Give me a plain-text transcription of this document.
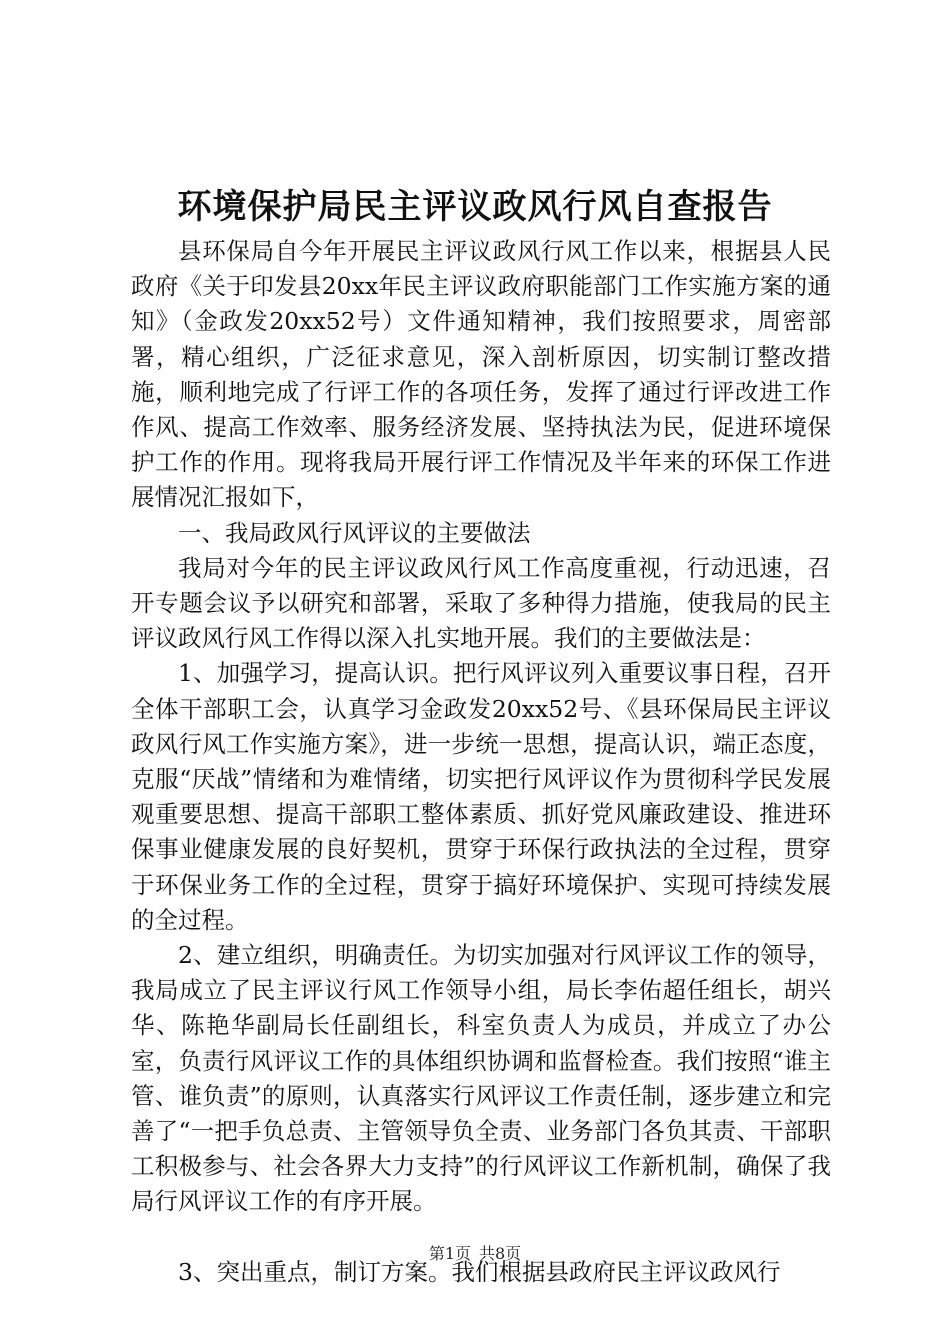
环境保护局民主评议政风行风自查报告

县环保局自今年开展民主评议政风行风工作以来，根据县人民政府《关于印发县20xx年民主评议政府职能部门工作实施方案的通知》（金政发20xx52号）文件通知精神，我们按照要求，周密部署，精心组织，广泛征求意见，深入剖析原因，切实制订整改措施，顺利地完成了行评工作的各项任务，发挥了通过行评改进工作作风、提高工作效率、服务经济发展、坚持执法为民，促进环境保护工作的作用。现将我局开展行评工作情况及半年来的环保工作进展情况汇报如下，

一、我局政风行风评议的主要做法

我局对今年的民主评议政风行风工作高度重视，行动迅速，召开专题会议予以研究和部署，采取了多种得力措施，使我局的民主评议政风行风工作得以深入扎实地开展。我们的主要做法是：

1、加强学习，提高认识。把行风评议列入重要议事日程，召开全体干部职工会，认真学习金政发20xx52号、《县环保局民主评议政风行风工作实施方案》，进一步统一思想，提高认识，端正态度，克服“厌战”情绪和为难情绪，切实把行风评议作为贯彻科学民发展观重要思想、提高干部职工整体素质、抓好党风廉政建设、推进环保事业健康发展的良好契机，贯穿于环保行政执法的全过程，贯穿于环保业务工作的全过程，贯穿于搞好环境保护、实现可持续发展的全过程。

2、建立组织，明确责任。为切实加强对行风评议工作的领导，我局成立了民主评议行风工作领导小组，局长李佑超任组长，胡兴华、陈艳华副局长任副组长，科室负责人为成员，并成立了办公室，负责行风评议工作的具体组织协调和监督检查。我们按照“谁主管、谁负责”的原则，认真落实行风评议工作责任制，逐步建立和完善了“一把手负总责、主管领导负全责、业务部门各负其责、干部职工积极参与、社会各界大力支持”的行风评议工作新机制，确保了我局行风评议工作的有序开展。

3、突出重点，制订方案。我们根据县政府民主评议政风行

第1页 共8页
